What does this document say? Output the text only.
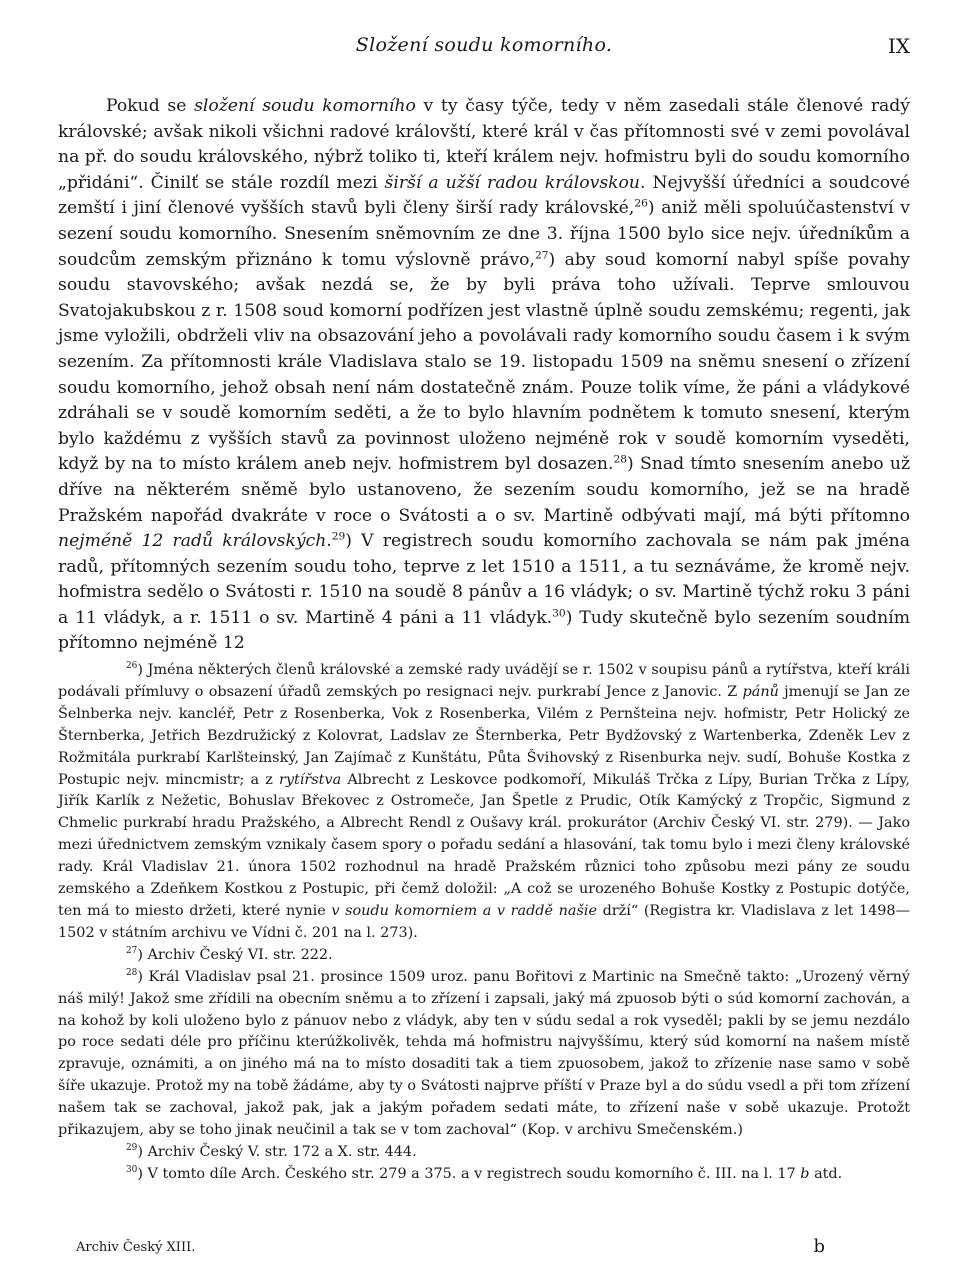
Složení soudu komorního.	IX

Pokud se složení soudu komorního v ty časy týče, tedy v něm zasedali stále členové radý královské; avšak nikoli všichni radové královští, které král v čas přítomnosti své v zemi povolával na př. do soudu královského, nýbrž toliko ti, kteří králem nejv. hofmistru byli do soudu komorního „přidáni“. Činilť se stále rozdíl mezi širší a užší radou královskou. Nejvyšší úředníci a soudcové zemští i jiní členové vyšších stavů byli členy širší rady královské,$^{26}$) aniž měli spoluúčastenství v sezení soudu komorního. Snesením sněmovním ze dne 3. října 1500 bylo sice nejv. úředníkům a soudcům zemským přiznáno k tomu výslovně právo,$^{27}$) aby soud komorní nabyl spíše povahy soudu stavovského; avšak nezdá se, že by byli práva toho užívali. Teprve smlouvou Svatojakubskou z r. 1508 soud komorní podřízen jest vlastně úplně soudu zemskému; regenti, jak jsme vyložili, obdrželi vliv na obsazování jeho a povolávali rady komorního soudu časem i k svým sezením. Za přítomnosti krále Vladislava stalo se 19. listopadu 1509 na sněmu snesení o zřízení soudu komorního, jehož obsah není nám dostatečně znám. Pouze tolik víme, že páni a vládykové zdráhali se v soudě komorním seděti, a že to bylo hlavním podnětem k tomuto snesení, kterým bylo každému z vyšších stavů za povinnost uloženo nejméně rok v soudě komorním vyseděti, když by na to místo králem aneb nejv. hofmistrem byl dosazen.$^{28}$) Snad tímto snesením anebo už dříve na některém sněmě bylo ustanoveno, že sezením soudu komorního, jež se na hradě Pražském napořád dvakráte v roce o Svátosti a o sv. Martině odbývati mají, má býti přítomno nejméně 12 radů královských.$^{29}$) V registrech soudu komorního zachovala se nám pak jména radů, přítomných sezením soudu toho, teprve z let 1510 a 1511, a tu seznáváme, že kromě nejv. hofmistra sedělo o Svátosti r. 1510 na soudě 8 pánův a 16 vládyk; o sv. Martině týchž roku 3 páni a 11 vládyk, a r. 1511 o sv. Martině 4 páni a 11 vládyk.$^{30}$) Tudy skutečně bylo sezením soudním přítomno nejméně 12

$^{26}$) Jména některých členů královské a zemské rady uvádějí se r. 1502 v soupisu pánů a rytířstva, kteří králi podávali přímluvy o obsazení úřadů zemských po resignaci nejv. purkrabí Jence z Janovic. Z pánů jmenují se Jan ze Šelnberka nejv. kancléř, Petr z Rosenberka, Vok z Rosenberka, Vilém z Pernšteina nejv. hofmistr, Petr Holický ze Šternberka, Jetřich Bezdružický z Kolovrat, Ladslav ze Šternberka, Petr Bydžovský z Wartenberka, Zdeněk Lev z Rožmitála purkrabí Karlšteinský, Jan Zajímač z Kunštátu, Půta Švihovský z Risenburka nejv. sudí, Bohuše Kostka z Postupic nejv. mincmistr; a z rytířstva Albrecht z Leskovce podkomoří, Mikuláš Trčka z Lípy, Burian Trčka z Lípy, Jiřík Karlík z Nežetic, Bohuslav Břekovec z Ostromeče, Jan Špetle z Prudic, Otík Kamýcký z Tropčic, Sigmund z Chmelic purkrabí hradu Pražského, a Albrecht Rendl z Oušavy král. prokurátor (Archiv Český VI. str. 279). — Jako mezi úřednictvem zemským vznikaly časem spory o pořadu sedání a hlasování, tak tomu bylo i mezi členy královské rady. Král Vladislav 21. února 1502 rozhodnul na hradě Pražském různici toho způsobu mezi pány ze soudu zemského a Zdeňkem Kostkou z Postupic, při čemž doložil: „A což se urozeného Bohuše Kostky z Postupic dotýče, ten má to miesto držeti, které nynie v soudu komorniem a v raddě našie drží“ (Registra kr. Vladislava z let 1498—1502 v státním archivu ve Vídni č. 201 na l. 273).

$^{27}$) Archiv Český VI. str. 222.

$^{28}$) Král Vladislav psal 21. prosince 1509 uroz. panu Bořitovi z Martinic na Smečně takto: „Urozený věrný náš milý! Jakož sme zřídili na obecním sněmu a to zřízení i zapsali, jaký má zpuosob býti o súd komorní zachován, a na kohož by koli uloženo bylo z pánuov nebo z vládyk, aby ten v súdu sedal a rok vyseděl; pakli by se jemu nezdálo po roce sedati déle pro příčinu kterúžkolivěk, tehda má hofmistru najvyššímu, který súd komorní na našem místě zpravuje, oznámiti, a on jiného má na to místo dosaditi tak a tiem zpuosobem, jakož to zřízenie nase samo v sobě šíře ukazuje. Protož my na tobě žádáme, aby ty o Svátosti najprve příští v Praze byl a do súdu vsedl a při tom zřízení našem tak se zachoval, jakož pak, jak a jakým pořadem sedati máte, to zřízení naše v sobě ukazuje. Protožt přikazujem, aby se toho jinak neučinil a tak se v tom zachoval“ (Kop. v archivu Smečenském.)

$^{29}$) Archiv Český V. str. 172 a X. str. 444.

$^{30}$) V tomto díle Arch. Českého str. 279 a 375. a v registrech soudu komorního č. III. na l. 17 b atd.

Archiv Český XIII.	b
